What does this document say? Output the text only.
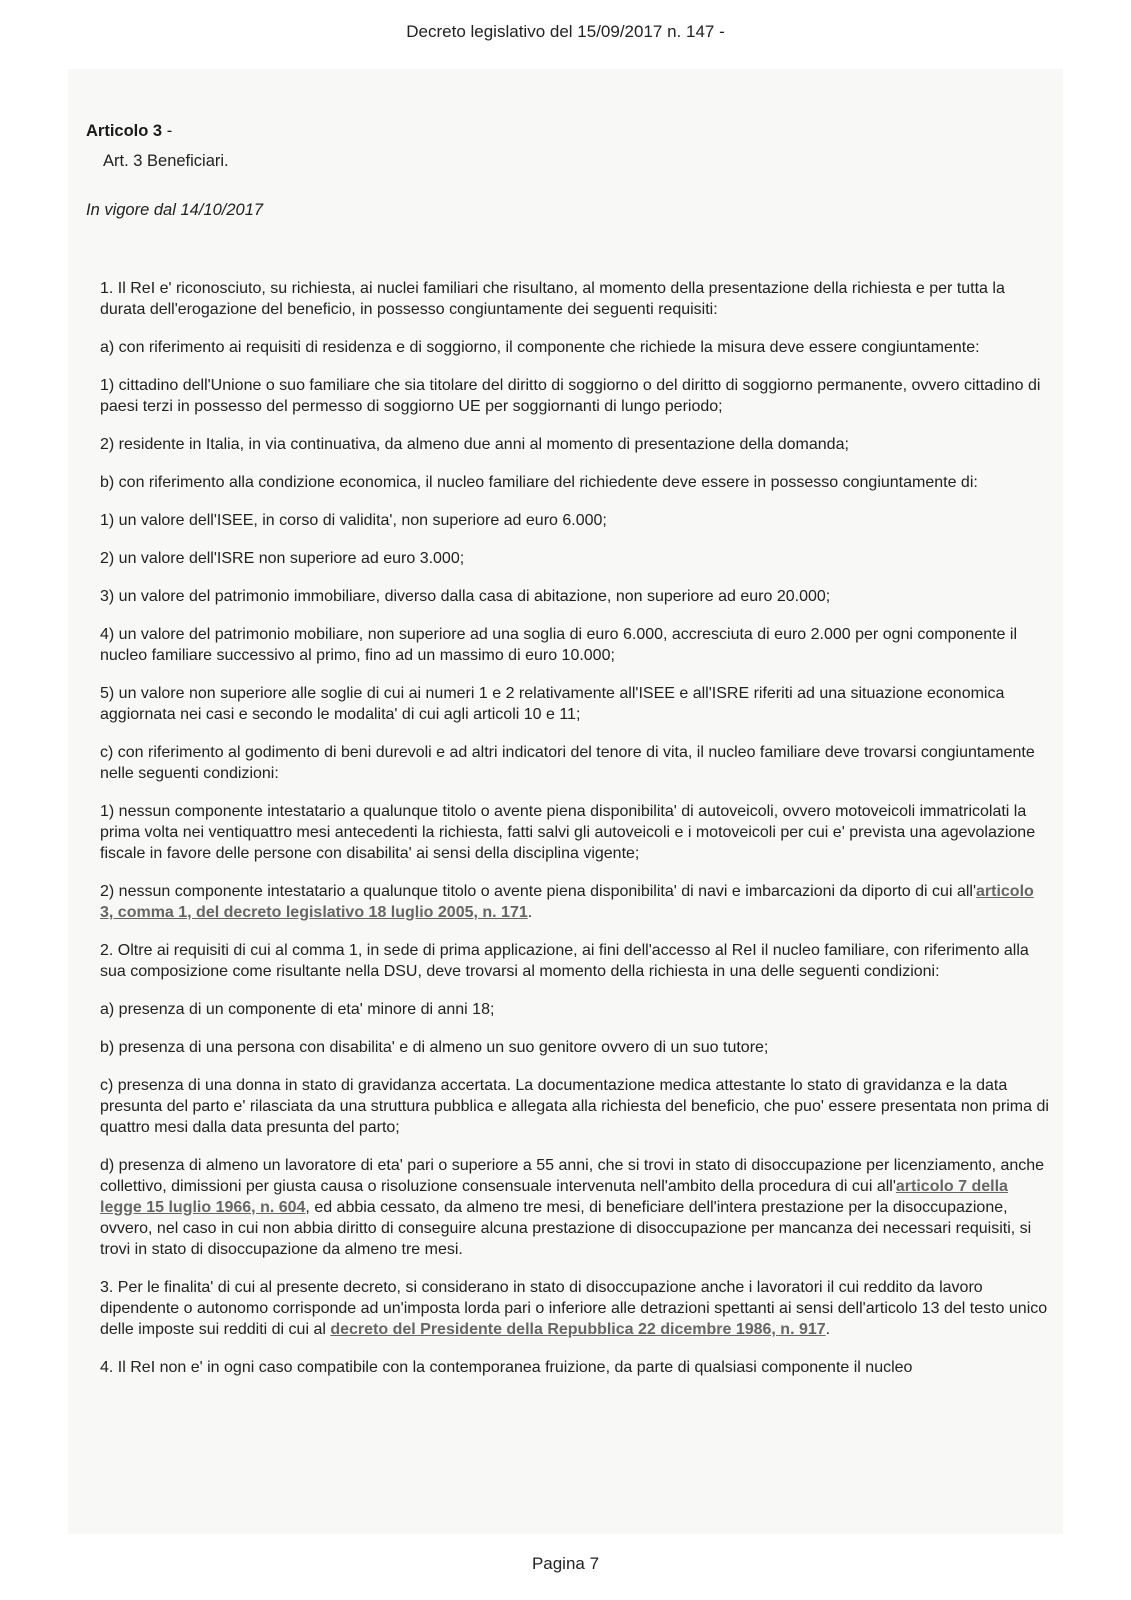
Decreto legislativo del 15/09/2017 n. 147 -
Articolo 3 -
Art. 3 Beneficiari.
In vigore dal 14/10/2017

1. Il ReI e' riconosciuto, su richiesta, ai nuclei familiari che risultano, al momento della presentazione della richiesta e per tutta la durata dell'erogazione del beneficio, in possesso congiuntamente dei seguenti requisiti:

a) con riferimento ai requisiti di residenza e di soggiorno, il componente che richiede la misura deve essere congiuntamente:

1) cittadino dell'Unione o suo familiare che sia titolare del diritto di soggiorno o del diritto di soggiorno permanente, ovvero cittadino di paesi terzi in possesso del permesso di soggiorno UE per soggiornanti di lungo periodo;

2) residente in Italia, in via continuativa, da almeno due anni al momento di presentazione della domanda;

b) con riferimento alla condizione economica, il nucleo familiare del richiedente deve essere in possesso congiuntamente di:

1) un valore dell'ISEE, in corso di validita', non superiore ad euro 6.000;

2) un valore dell'ISRE non superiore ad euro 3.000;

3) un valore del patrimonio immobiliare, diverso dalla casa di abitazione, non superiore ad euro 20.000;

4) un valore del patrimonio mobiliare, non superiore ad una soglia di euro 6.000, accresciuta di euro 2.000 per ogni componente il nucleo familiare successivo al primo, fino ad un massimo di euro 10.000;

5) un valore non superiore alle soglie di cui ai numeri 1 e 2 relativamente all'ISEE e all'ISRE riferiti ad una situazione economica aggiornata nei casi e secondo le modalita' di cui agli articoli 10 e 11;

c) con riferimento al godimento di beni durevoli e ad altri indicatori del tenore di vita, il nucleo familiare deve trovarsi congiuntamente nelle seguenti condizioni:

1) nessun componente intestatario a qualunque titolo o avente piena disponibilita' di autoveicoli, ovvero motoveicoli immatricolati la prima volta nei ventiquattro mesi antecedenti la richiesta, fatti salvi gli autoveicoli e i motoveicoli per cui e' prevista una agevolazione fiscale in favore delle persone con disabilita' ai sensi della disciplina vigente;

2) nessun componente intestatario a qualunque titolo o avente piena disponibilita' di navi e imbarcazioni da diporto di cui all'articolo 3, comma 1, del decreto legislativo 18 luglio 2005, n. 171.

2. Oltre ai requisiti di cui al comma 1, in sede di prima applicazione, ai fini dell'accesso al ReI il nucleo familiare, con riferimento alla sua composizione come risultante nella DSU, deve trovarsi al momento della richiesta in una delle seguenti condizioni:

a) presenza di un componente di eta' minore di anni 18;

b) presenza di una persona con disabilita' e di almeno un suo genitore ovvero di un suo tutore;

c) presenza di una donna in stato di gravidanza accertata. La documentazione medica attestante lo stato di gravidanza e la data presunta del parto e' rilasciata da una struttura pubblica e allegata alla richiesta del beneficio, che puo' essere presentata non prima di quattro mesi dalla data presunta del parto;

d) presenza di almeno un lavoratore di eta' pari o superiore a 55 anni, che si trovi in stato di disoccupazione per licenziamento, anche collettivo, dimissioni per giusta causa o risoluzione consensuale intervenuta nell'ambito della procedura di cui all'articolo 7 della legge 15 luglio 1966, n. 604, ed abbia cessato, da almeno tre mesi, di beneficiare dell'intera prestazione per la disoccupazione, ovvero, nel caso in cui non abbia diritto di conseguire alcuna prestazione di disoccupazione per mancanza dei necessari requisiti, si trovi in stato di disoccupazione da almeno tre mesi.

3. Per le finalita' di cui al presente decreto, si considerano in stato di disoccupazione anche i lavoratori il cui reddito da lavoro dipendente o autonomo corrisponde ad un'imposta lorda pari o inferiore alle detrazioni spettanti ai sensi dell'articolo 13 del testo unico delle imposte sui redditi di cui al decreto del Presidente della Repubblica 22 dicembre 1986, n. 917.

4. Il ReI non e' in ogni caso compatibile con la contemporanea fruizione, da parte di qualsiasi componente il nucleo

Pagina 7
